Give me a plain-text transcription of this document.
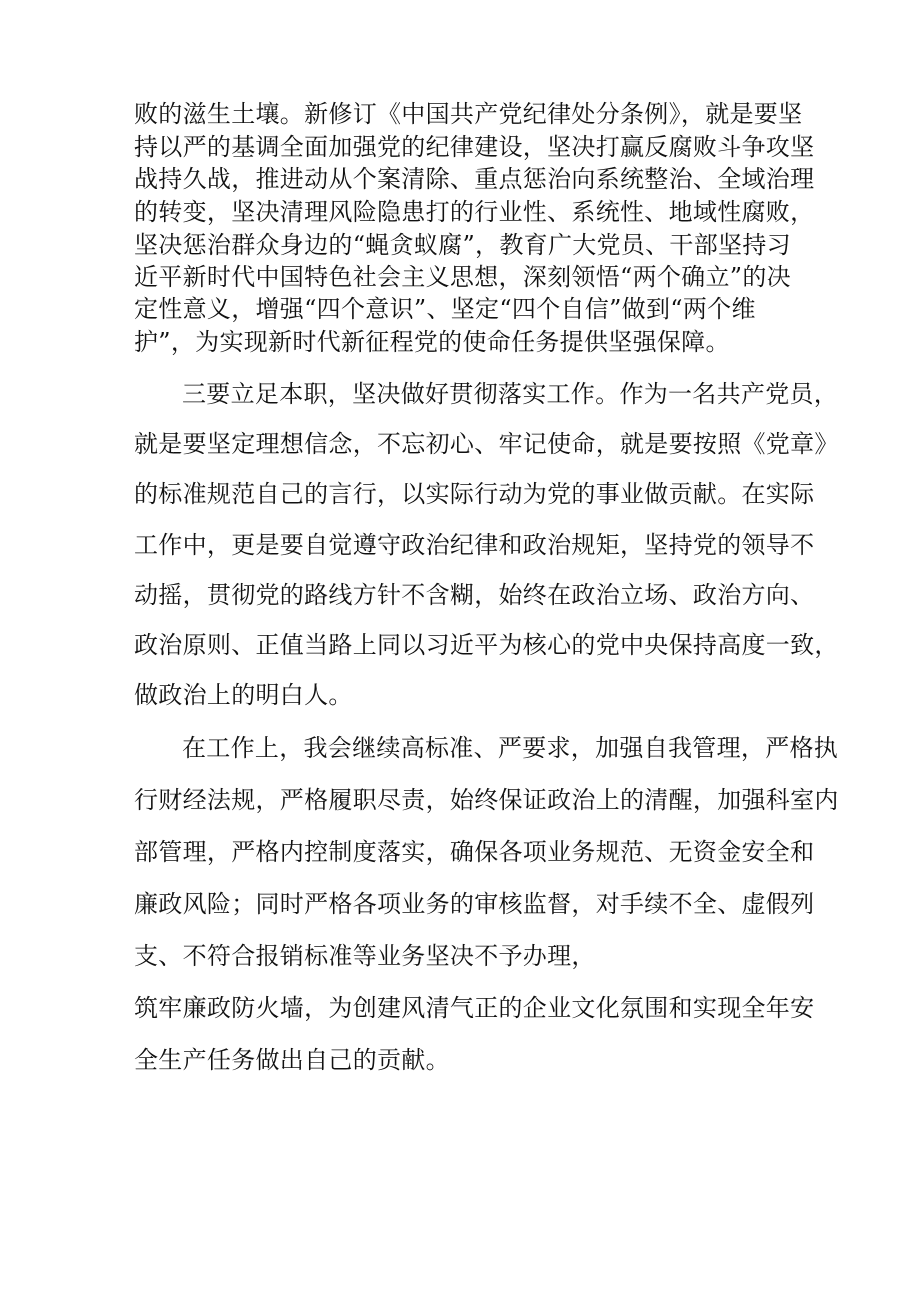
败的滋生土壤。新修订《中国共产党纪律处分条例》，就是要坚
持以严的基调全面加强党的纪律建设，坚决打赢反腐败斗争攻坚
战持久战，推进动从个案清除、重点惩治向系统整治、全域治理
的转变，坚决清理风险隐患打的行业性、系统性、地域性腐败，
坚决惩治群众身边的“蝇贪蚁腐”，教育广大党员、干部坚持习
近平新时代中国特色社会主义思想，深刻领悟“两个确立”的决
定性意义，增强“四个意识”、坚定“四个自信”做到“两个维
护”，为实现新时代新征程党的使命任务提供坚强保障。
三要立足本职，坚决做好贯彻落实工作。作为一名共产党员，
就是要坚定理想信念，不忘初心、牢记使命，就是要按照《党章》
的标准规范自己的言行，以实际行动为党的事业做贡献。在实际
工作中，更是要自觉遵守政治纪律和政治规矩，坚持党的领导不
动摇，贯彻党的路线方针不含糊，始终在政治立场、政治方向、
政治原则、正值当路上同以习近平为核心的党中央保持高度一致，
做政治上的明白人。
在工作上，我会继续高标准、严要求，加强自我管理，严格执
行财经法规，严格履职尽责，始终保证政治上的清醒，加强科室内
部管理，严格内控制度落实，确保各项业务规范、无资金安全和
廉政风险；同时严格各项业务的审核监督，对手续不全、虚假列
支、不符合报销标准等业务坚决不予办理，
筑牢廉政防火墙，为创建风清气正的企业文化氛围和实现全年安
全生产任务做出自己的贡献。
